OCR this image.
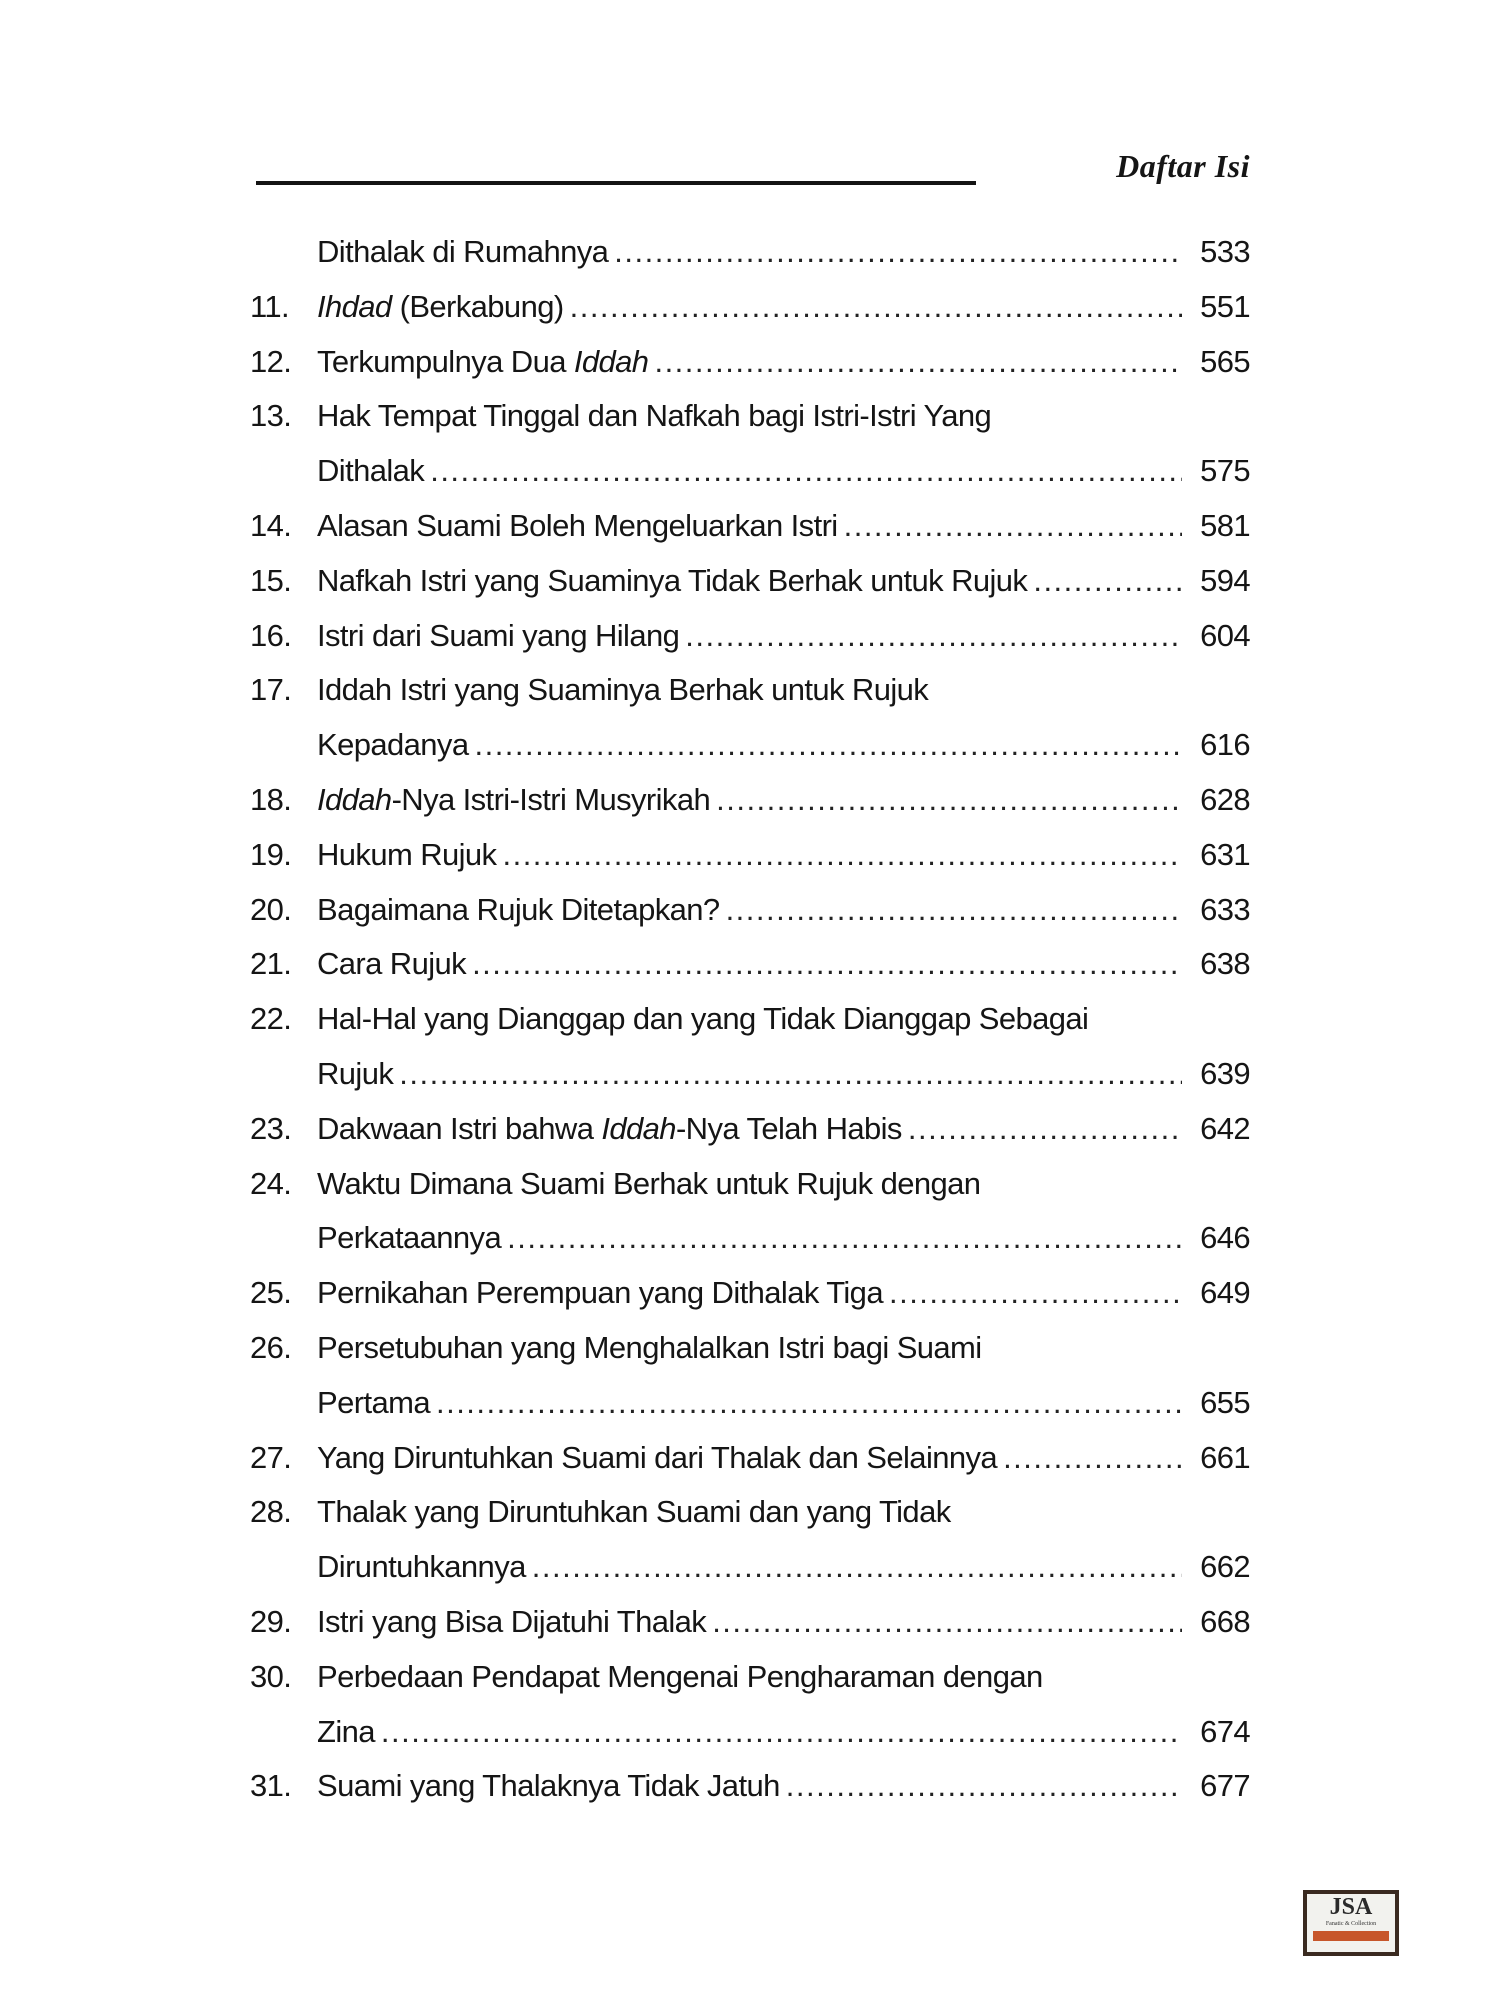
Daftar Isi
Dithalak di Rumahnya .....	533
11. Ihdad (Berkabung) .....	551
12. Terkumpulnya Dua Iddah .....	565
13. Hak Tempat Tinggal dan Nafkah bagi Istri-Istri Yang
Dithalak .....	575
14. Alasan Suami Boleh Mengeluarkan Istri .....	581
15. Nafkah Istri yang Suaminya Tidak Berhak untuk Rujuk .....	594
16. Istri dari Suami yang Hilang .....	604
17. Iddah Istri yang Suaminya Berhak untuk Rujuk
Kepadanya .....	616
18. Iddah-Nya Istri-Istri Musyrikah .....	628
19. Hukum Rujuk .....	631
20. Bagaimana Rujuk Ditetapkan? .....	633
21. Cara Rujuk .....	638
22. Hal-Hal yang Dianggap dan yang Tidak Dianggap Sebagai
Rujuk .....	639
23. Dakwaan Istri bahwa Iddah-Nya Telah Habis .....	642
24. Waktu Dimana Suami Berhak untuk Rujuk dengan
Perkataannya .....	646
25. Pernikahan Perempuan yang Dithalak Tiga .....	649
26. Persetubuhan yang Menghalalkan Istri bagi Suami
Pertama .....	655
27. Yang Diruntuhkan Suami dari Thalak dan Selainnya .....	661
28. Thalak yang Diruntuhkan Suami dan yang Tidak
Diruntuhkannya .....	662
29. Istri yang Bisa Dijatuhi Thalak .....	668
30. Perbedaan Pendapat Mengenai Pengharaman dengan
Zina .....	674
31. Suami yang Thalaknya Tidak Jatuh .....	677
JSA
Fanatic & Collection
